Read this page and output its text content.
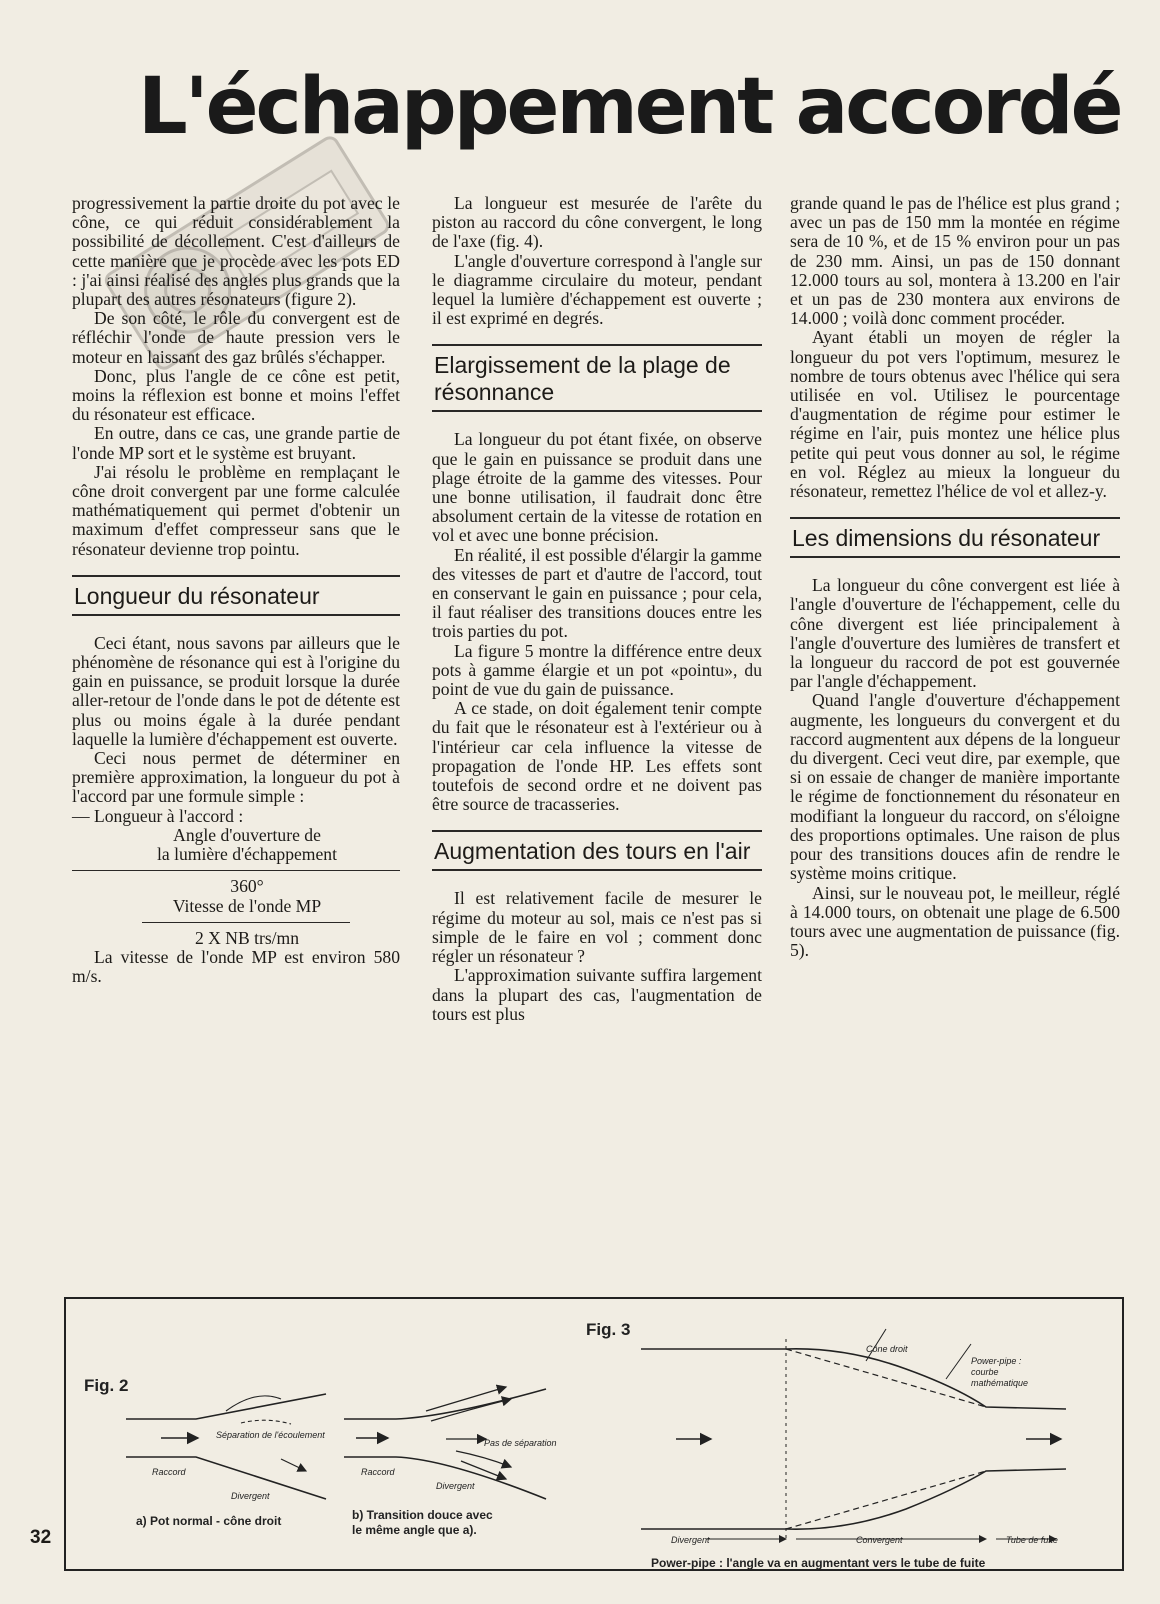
L'échappement accordé

progressivement la partie droite du pot avec le cône, ce qui réduit considérablement la possibilité de décollement. C'est d'ailleurs de cette manière que je procède avec les pots ED : j'ai ainsi réalisé des angles plus grands que la plupart des autres résonateurs (figure 2).

De son côté, le rôle du convergent est de réfléchir l'onde de haute pression vers le moteur en laissant des gaz brûlés s'échapper.

Donc, plus l'angle de ce cône est petit, moins la réflexion est bonne et moins l'effet du résonateur est efficace.

En outre, dans ce cas, une grande partie de l'onde MP sort et le système est bruyant.

J'ai résolu le problème en remplaçant le cône droit convergent par une forme calculée mathématiquement qui permet d'obtenir un maximum d'effet compresseur sans que le résonateur devienne trop pointu.

Longueur du résonateur

Ceci étant, nous savons par ailleurs que le phénomène de résonance qui est à l'origine du gain en puissance, se produit lorsque la durée aller-retour de l'onde dans le pot de détente est plus ou moins égale à la durée pendant laquelle la lumière d'échappement est ouverte.

Ceci nous permet de déterminer en première approximation, la longueur du pot à l'accord par une formule simple :

— Longueur à l'accord :

Angle d'ouverture de

la lumière d'échappement

360°

Vitesse de l'onde MP

2 X NB trs/mn

La vitesse de l'onde MP est environ 580 m/s.

La longueur est mesurée de l'arête du piston au raccord du cône convergent, le long de l'axe (fig. 4).

L'angle d'ouverture correspond à l'angle sur le diagramme circulaire du moteur, pendant lequel la lumière d'échappement est ouverte ; il est exprimé en degrés.

Elargissement de la plage de résonnance

La longueur du pot étant fixée, on observe que le gain en puissance se produit dans une plage étroite de la gamme des vitesses. Pour une bonne utilisation, il faudrait donc être absolument certain de la vitesse de rotation en vol et avec une bonne précision.

En réalité, il est possible d'élargir la gamme des vitesses de part et d'autre de l'accord, tout en conservant le gain en puissance ; pour cela, il faut réaliser des transitions douces entre les trois parties du pot.

La figure 5 montre la différence entre deux pots à gamme élargie et un pot «pointu», du point de vue du gain de puissance.

A ce stade, on doit également tenir compte du fait que le résonateur est à l'extérieur ou à l'intérieur car cela influence la vitesse de propagation de l'onde HP. Les effets sont toutefois de second ordre et ne doivent pas être source de tracasseries.

Augmentation des tours en l'air

Il est relativement facile de mesurer le régime du moteur au sol, mais ce n'est pas si simple de le faire en vol ; comment donc régler un résonateur ?

L'approximation suivante suffira largement dans la plupart des cas, l'augmentation de tours est plus

grande quand le pas de l'hélice est plus grand ; avec un pas de 150 mm la montée en régime sera de 10 %, et de 15 % environ pour un pas de 230 mm. Ainsi, un pas de 150 donnant 12.000 tours au sol, montera à 13.200 en l'air et un pas de 230 montera aux environs de 14.000 ; voilà donc comment procéder.

Ayant établi un moyen de régler la longueur du pot vers l'optimum, mesurez le nombre de tours obtenus avec l'hélice qui sera utilisée en vol. Utilisez le pourcentage d'augmentation de régime pour estimer le régime en l'air, puis montez une hélice plus petite qui peut vous donner au sol, le régime en vol. Réglez au mieux la longueur du résonateur, remettez l'hélice de vol et allez-y.

Les dimensions du résonateur

La longueur du cône convergent est liée à l'angle d'ouverture de l'échappement, celle du cône divergent est liée principalement à l'angle d'ouverture des lumières de transfert et la longueur du raccord de pot est gouvernée par l'angle d'échappement.

Quand l'angle d'ouverture d'échappement augmente, les longueurs du convergent et du raccord augmentent aux dépens de la longueur du divergent. Ceci veut dire, par exemple, que si on essaie de changer de manière importante le régime de fonctionnement du résonateur en modifiant la longueur du raccord, on s'éloigne des proportions optimales. Une raison de plus pour des transitions douces afin de rendre le système moins critique.

Ainsi, sur le nouveau pot, le meilleur, réglé à 14.000 tours, on obtenait une plage de 6.500 tours avec une augmentation de puissance (fig. 5).

Fig. 2
Fig. 3
Séparation de l'écoulement
Raccord
Divergent
a) Pot normal - cône droit
Pas de séparation
Raccord
Divergent
b) Transition douce avec
le même angle que a).
Cône droit
Power-pipe :
courbe
mathématique
Divergent	Convergent	Tube de fuite
Power-pipe : l'angle va en augmentant vers le tube de fuite
32
